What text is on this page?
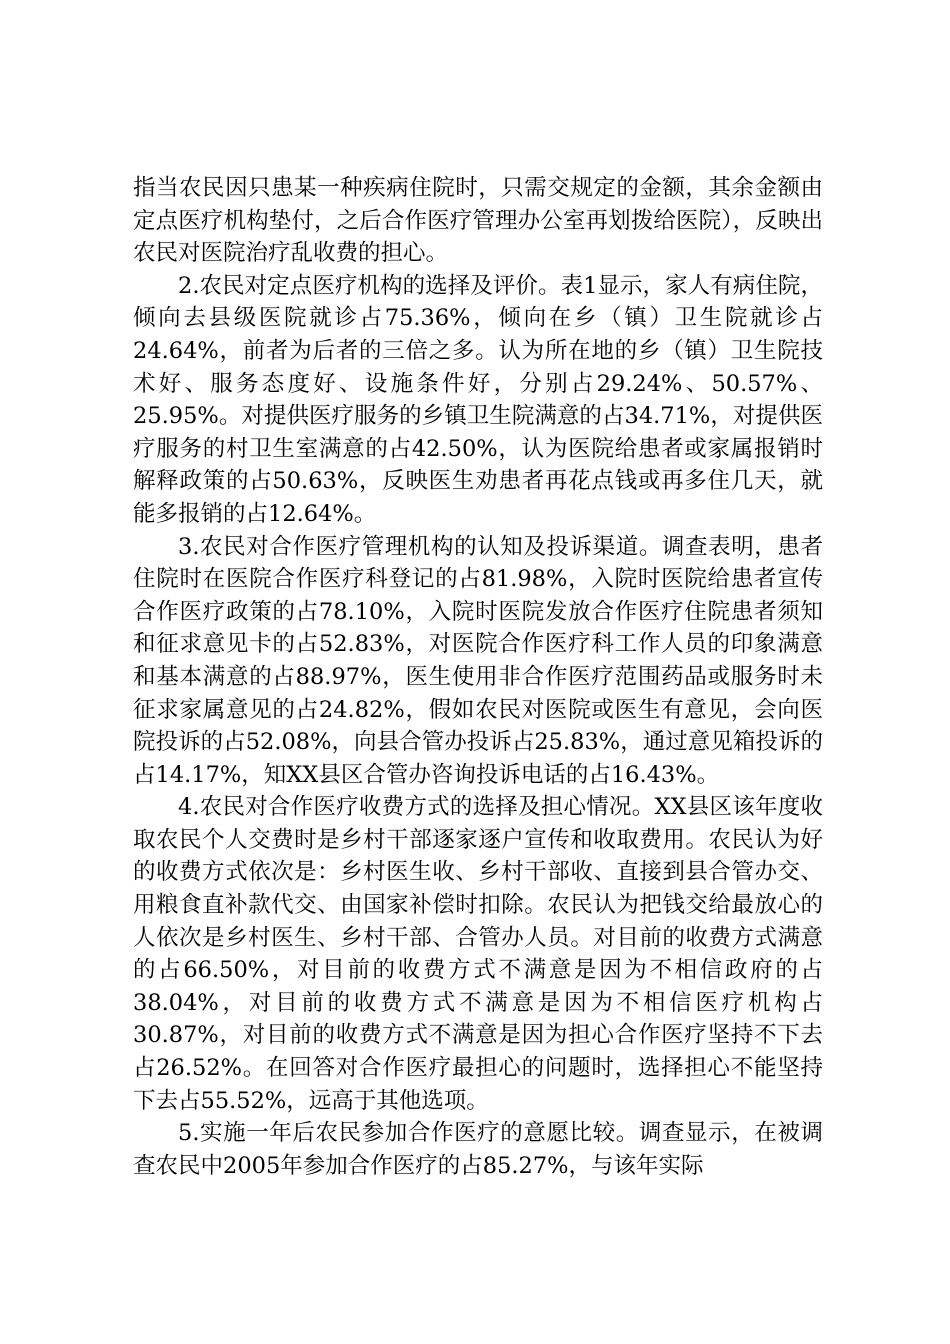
指当农民因只患某一种疾病住院时，只需交规定的金额，其余金额由定点医疗机构垫付，之后合作医疗管理办公室再划拨给医院），反映出农民对医院治疗乱收费的担心。

2.农民对定点医疗机构的选择及评价。表1显示，家人有病住院，倾向去县级医院就诊占75.36%，倾向在乡（镇）卫生院就诊占24.64%，前者为后者的三倍之多。认为所在地的乡（镇）卫生院技术好、服务态度好、设施条件好，分别占29.24%、50.57%、25.95%。对提供医疗服务的乡镇卫生院满意的占34.71%，对提供医疗服务的村卫生室满意的占42.50%，认为医院给患者或家属报销时解释政策的占50.63%，反映医生劝患者再花点钱或再多住几天，就能多报销的占12.64%。

3.农民对合作医疗管理机构的认知及投诉渠道。调查表明，患者住院时在医院合作医疗科登记的占81.98%，入院时医院给患者宣传合作医疗政策的占78.10%，入院时医院发放合作医疗住院患者须知和征求意见卡的占52.83%，对医院合作医疗科工作人员的印象满意和基本满意的占88.97%，医生使用非合作医疗范围药品或服务时未征求家属意见的占24.82%，假如农民对医院或医生有意见，会向医院投诉的占52.08%，向县合管办投诉占25.83%，通过意见箱投诉的占14.17%，知XX县区合管办咨询投诉电话的占16.43%。

4.农民对合作医疗收费方式的选择及担心情况。XX县区该年度收取农民个人交费时是乡村干部逐家逐户宣传和收取费用。农民认为好的收费方式依次是：乡村医生收、乡村干部收、直接到县合管办交、用粮食直补款代交、由国家补偿时扣除。农民认为把钱交给最放心的人依次是乡村医生、乡村干部、合管办人员。对目前的收费方式满意的占66.50%，对目前的收费方式不满意是因为不相信政府的占38.04%，对目前的收费方式不满意是因为不相信医疗机构占30.87%，对目前的收费方式不满意是因为担心合作医疗坚持不下去占26.52%。在回答对合作医疗最担心的问题时，选择担心不能坚持下去占55.52%，远高于其他选项。

5.实施一年后农民参加合作医疗的意愿比较。调查显示，在被调查农民中2005年参加合作医疗的占85.27%，与该年实际
